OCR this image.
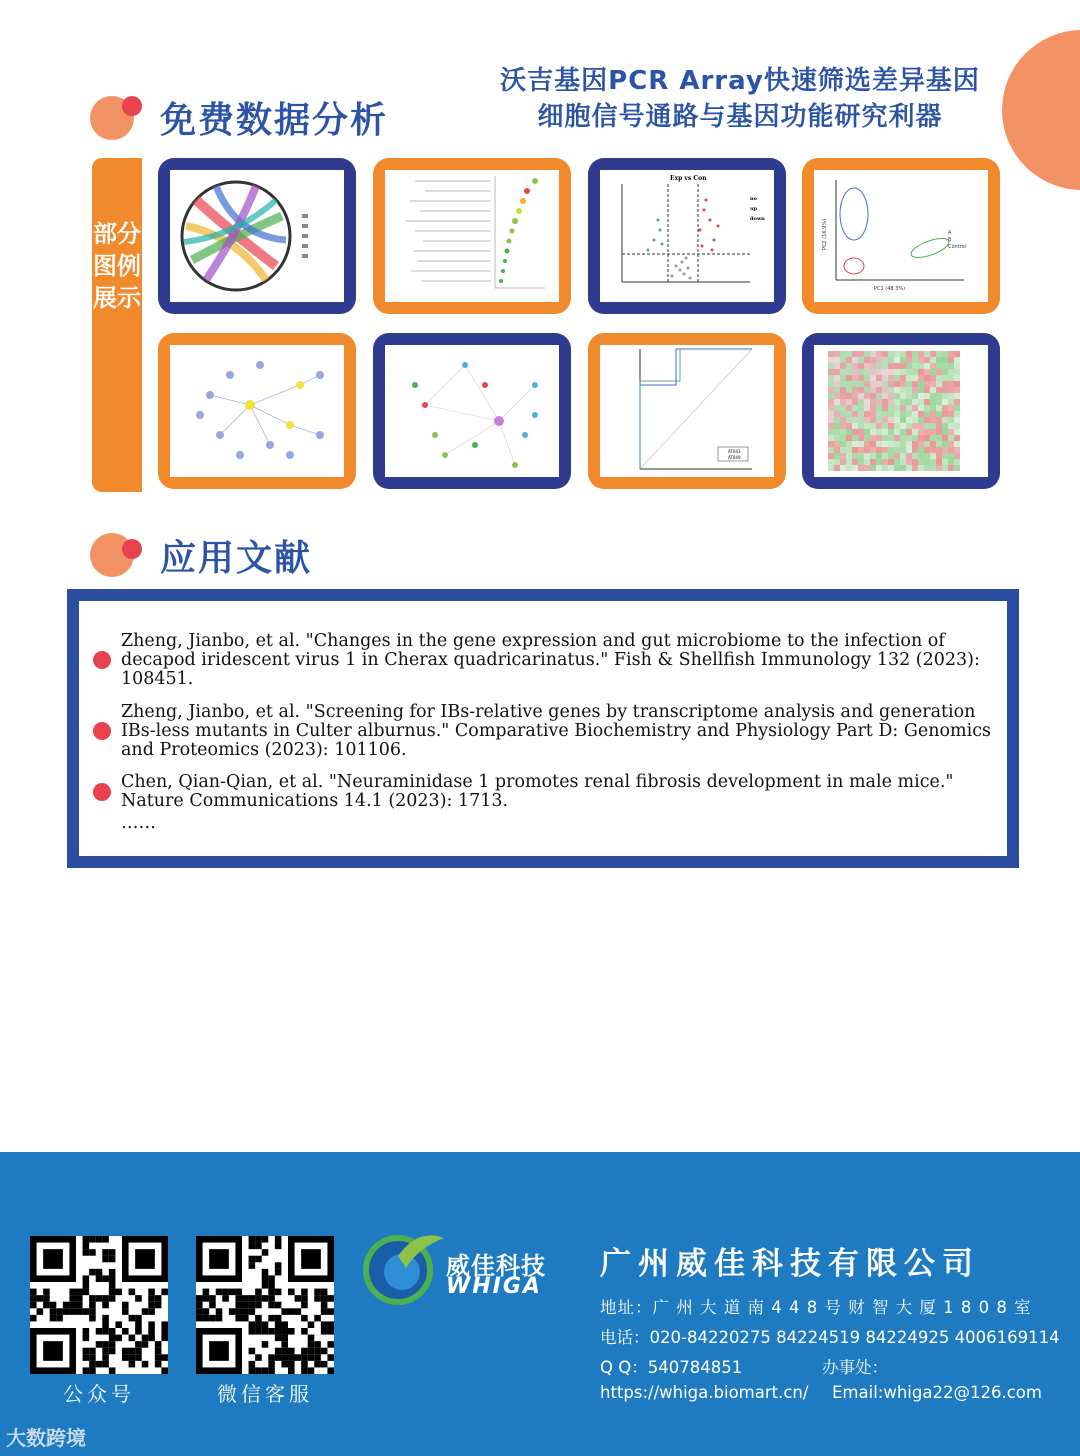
沃吉基因PCR Array快速筛选差异基因
细胞信号通路与基因功能研究利器
免费数据分析
部分图例展示
Exp vs Con
no
up
down
A
B
Control
PC1 (48.3%)
PC2 (16.9%)
AT043
AT049
应用文献
Zheng, Jianbo, et al. "Changes in the gene expression and gut microbiome to the infection of decapod iridescent virus 1 in Cherax quadricarinatus." Fish & Shellfish Immunology 132 (2023): 108451.
Zheng, Jianbo, et al. "Screening for IBs-relative genes by transcriptome analysis and generation IBs-less mutants in Culter alburnus." Comparative Biochemistry and Physiology Part D: Genomics and Proteomics (2023): 101106.
Chen, Qian-Qian, et al. "Neuraminidase 1 promotes renal fibrosis development in male mice." Nature Communications 14.1 (2023): 1713.
……
公众号	微信客服
威佳科技
WHIGA
广州威佳科技有限公司
地址：广 州 大 道 南 4 4 8 号 财 智 大 厦 1 8 0 8 室
电话：020-84220275 84224519 84224925 4006169114
Q Q：540784851	办事处：
https://whiga.biomart.cn/ Email:whiga22@126.com
大数跨境
